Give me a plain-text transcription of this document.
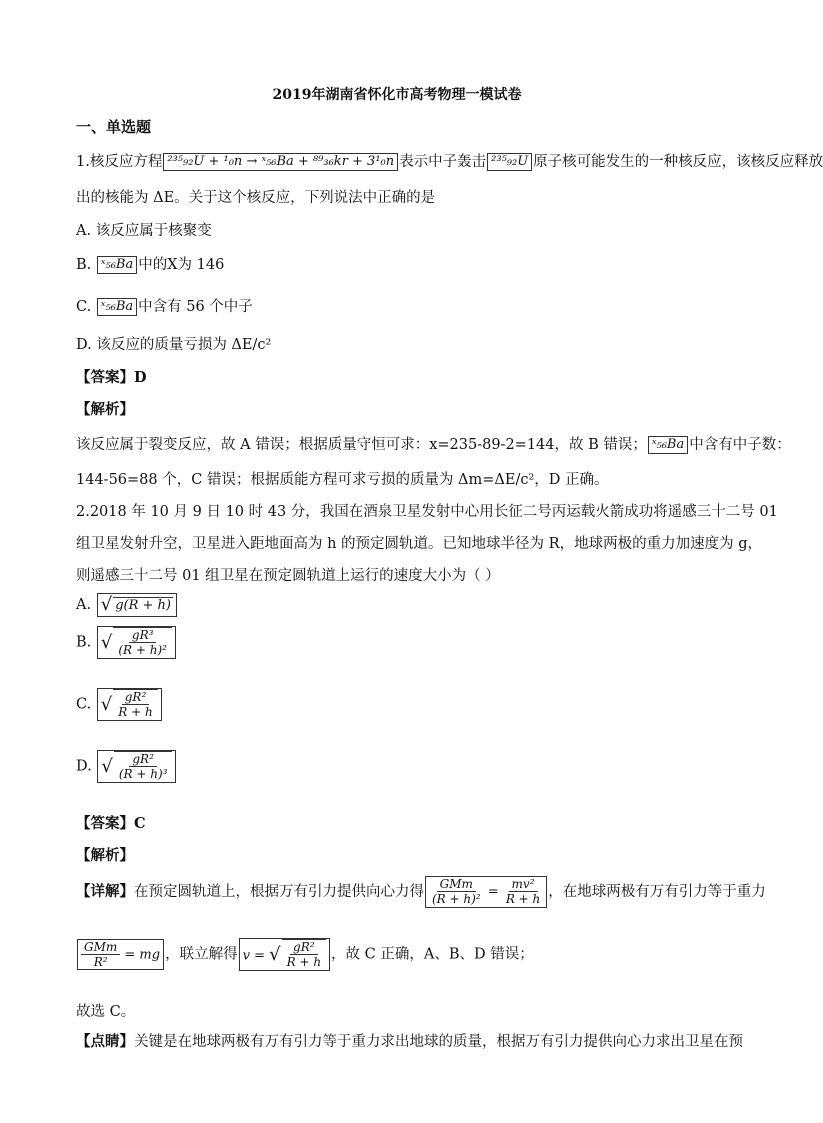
2019年湖南省怀化市高考物理一模试卷
一、单选题
1.核反应方程 ²³⁵₉₂U + ¹₀n → ˣ₅₆Ba + ⁸⁹₃₆kr + 3¹₀n 表示中子轰击 ²³⁵₉₂U 原子核可能发生的一种核反应，该核反应释放
出的核能为 ΔE。关于这个核反应，下列说法中正确的是
A. 该反应属于核聚变
B. ˣ₅₆Ba 中的X为 146
C. ˣ₅₆Ba 中含有 56 个中子
D. 该反应的质量亏损为 ΔE/c²
【答案】D
【解析】
该反应属于裂变反应，故 A 错误；根据质量守恒可求：x=235-89-2=144，故 B 错误； ˣ₅₆Ba 中含有中子数：
144-56=88 个，C 错误；根据质能方程可求亏损的质量为 Δm=ΔE/c²，D 正确。
2.2018 年 10 月 9 日 10 时 43 分，我国在酒泉卫星发射中心用长征二号丙运载火箭成功将遥感三十二号 01
组卫星发射升空，卫星进入距地面高为 h 的预定圆轨道。已知地球半径为 R，地球两极的重力加速度为 g，
则遥感三十二号 01 组卫星在预定圆轨道上运行的速度大小为（ ）
A. √ g(R + h)
B. √ $\frac{\text{gR³}}{\text{(R + h)²}}$
C. √ $\frac{\text{gR²}}{R + h}$
D. √ $\frac{\text{gR²}}{\text{(R + h)³}}$
【答案】C
【解析】
【详解】在预定圆轨道上，根据万有引力提供向心力得 $\frac{\text{GMm}}{\text{(R + h)²}} = \frac{\text{mv²}}{R + h}$ ，在地球两极有万有引力等于重力
$\frac{\text{GMm}}{\text{R²}}$ = mg ，联立解得 v = √ $\frac{\text{gR²}}{R + h}$ ，故 C 正确，A、B、D 错误；
故选 C。
【点睛】关键是在地球两极有万有引力等于重力求出地球的质量，根据万有引力提供向心力求出卫星在预
